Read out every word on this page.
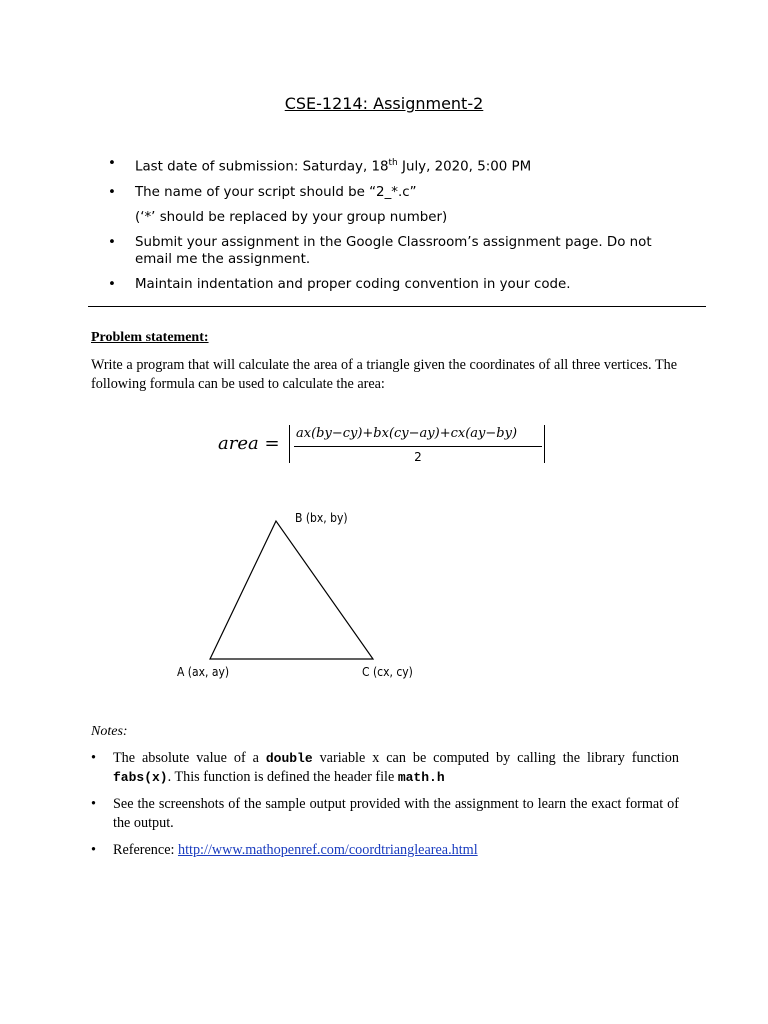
CSE-1214: Assignment-2
•	Last date of submission: Saturday, 18th July, 2020, 5:00 PM
•	The name of your script should be “2_*.c”
(‘*’ should be replaced by your group number)
•	Submit your assignment in the Google Classroom’s assignment page. Do not email me the assignment.
•	Maintain indentation and proper coding convention in your code.
Problem statement:
Write a program that will calculate the area of a triangle given the coordinates of all three vertices. The following formula can be used to calculate the area:
area = ax(by−cy)+bx(cy−ay)+cx(ay−by)
2
B (bx, by)
A (ax, ay)	C (cx, cy)
Notes:
•	The absolute value of a double variable x can be computed by calling the library function fabs(x). This function is defined the header file math.h
•	See the screenshots of the sample output provided with the assignment to learn the exact format of the output.
•	Reference: http://www.mathopenref.com/coordtrianglearea.html
